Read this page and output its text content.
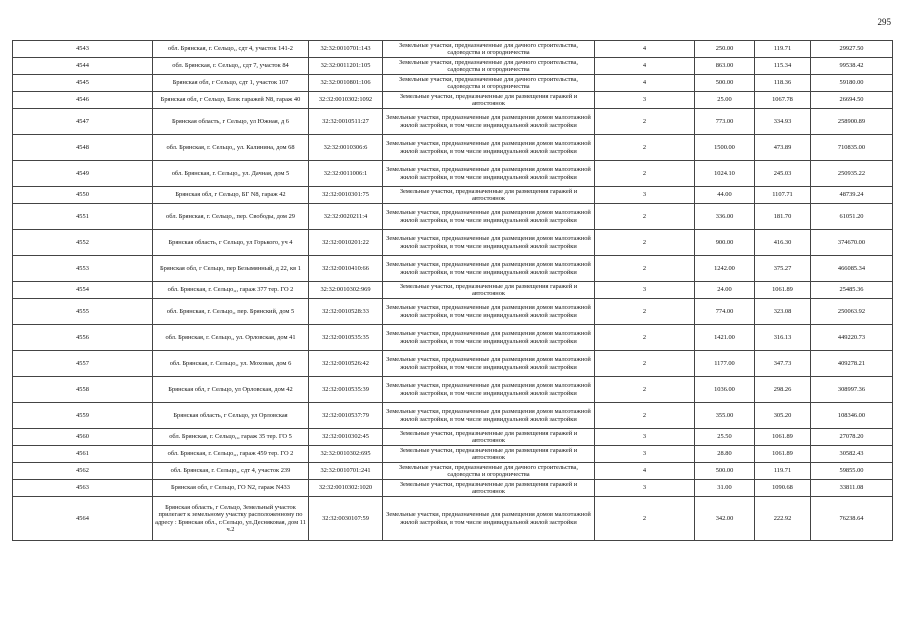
295
4543	обл. Брянская, г. Сельцо,, сдт 4, участок 141-2	32:32:0010701:143	Земельные участки, предназначенные для дачного строительства, садоводства и огородничества	4	250.00	119.71	29927.50
4544	обл. Брянская, г. Сельцо,, сдт 7, участок 84	32:32:0011201:105	Земельные участки, предназначенные для дачного строительства, садоводства и огородничества	4	863.00	115.34	99538.42
4545	Брянская обл, г Сельцо, сдт 1, участок 107	32:32:0010801:106	Земельные участки, предназначенные для дачного строительства, садоводства и огородничества	4	500.00	118.36	59180.00
4546	Брянская обл, г Сельцо, Блок гаражей N8, гараж 40	32:32:0010302:1092	Земельные участки, предназначенные для размещения гаражей и автостоянок	3	25.00	1067.78	26694.50
4547	Брянская область, г Сельцо, ул Южная, д 6	32:32:0010511:27	Земельные участки, предназначенные для размещения домов малоэтажной жилой застройки, в том числе индивидуальной жилой застройки	2	773.00	334.93	258900.89
4548	обл. Брянская, г. Сельцо,, ул. Калинина, дом 68	32:32:0010306:6	Земельные участки, предназначенные для размещения домов малоэтажной жилой застройки, в том числе индивидуальной жилой застройки	2	1500.00	473.89	710835.00
4549	обл. Брянская, г. Сельцо,, ул. Дачная, дом 5	32:32:0011006:1	Земельные участки, предназначенные для размещения домов малоэтажной жилой застройки, в том числе индивидуальной жилой застройки	2	1024.10	245.03	250935.22
4550	Брянская обл, г Сельцо, БГ N8, гараж 42	32:32:0010301:75	Земельные участки, предназначенные для размещения гаражей и автостоянок	3	44.00	1107.71	48739.24
4551	обл. Брянская, г. Сельцо,, пер. Свободы, дом 29	32:32:0020211:4	Земельные участки, предназначенные для размещения домов малоэтажной жилой застройки, в том числе индивидуальной жилой застройки	2	336.00	181.70	61051.20
4552	Брянская область, г Сельцо, ул Горького, уч 4	32:32:0010201:22	Земельные участки, предназначенные для размещения домов малоэтажной жилой застройки, в том числе индивидуальной жилой застройки	2	900.00	416.30	374670.00
4553	Брянская обл, г Сельцо, пер Безымянный, д 22, кв 1	32:32:0010410:66	Земельные участки, предназначенные для размещения домов малоэтажной жилой застройки, в том числе индивидуальной жилой застройки	2	1242.00	375.27	466085.34
4554	обл. Брянская, г. Сельцо,,, гараж 377 тер. ГО 2	32:32:0010302:969	Земельные участки, предназначенные для размещения гаражей и автостоянок	3	24.00	1061.89	25485.36
4555	обл. Брянская, г. Сельцо,, пер. Брянский, дом 5	32:32:0010528:33	Земельные участки, предназначенные для размещения домов малоэтажной жилой застройки, в том числе индивидуальной жилой застройки	2	774.00	323.08	250063.92
4556	обл. Брянская, г. Сельцо,, ул. Орловская, дом 41	32:32:0010535:35	Земельные участки, предназначенные для размещения домов малоэтажной жилой застройки, в том числе индивидуальной жилой застройки	2	1421.00	316.13	449220.73
4557	обл. Брянская, г. Сельцо,, ул. Моховая, дом 6	32:32:0010526:42	Земельные участки, предназначенные для размещения домов малоэтажной жилой застройки, в том числе индивидуальной жилой застройки	2	1177.00	347.73	409278.21
4558	Брянская обл, г Сельцо, ул Орловская, дом 42	32:32:0010535:39	Земельные участки, предназначенные для размещения домов малоэтажной жилой застройки, в том числе индивидуальной жилой застройки	2	1036.00	298.26	308997.36
4559	Брянская область, г Сельцо, ул Орловская	32:32:0010537:79	Земельные участки, предназначенные для размещения домов малоэтажной жилой застройки, в том числе индивидуальной жилой застройки	2	355.00	305.20	108346.00
4560	обл. Брянская, г. Сельцо,,, гараж 35 тер. ГО 5	32:32:0010302:45	Земельные участки, предназначенные для размещения гаражей и автостоянок	3	25.50	1061.89	27078.20
4561	обл. Брянская, г. Сельцо,,, гараж 459 тер. ГО 2	32:32:0010302:695	Земельные участки, предназначенные для размещения гаражей и автостоянок	3	28.80	1061.89	30582.43
4562	обл. Брянская, г. Сельцо,, сдт 4, участок 239	32:32:0010701:241	Земельные участки, предназначенные для дачного строительства, садоводства и огородничества	4	500.00	119.71	59855.00
4563	Брянская обл, г Сельцо, ГО N2, гараж N433	32:32:0010302:1020	Земельные участки, предназначенные для размещения гаражей и автостоянок	3	31.00	1090.68	33811.08
4564	Брянская область, г Сельцо, Земельный участок прилегает к земельному участку расположенному по адресу : Брянская обл., г.Сельцо, ул.Десняковая, дом 11 ч.2	32:32:0030107:59	Земельные участки, предназначенные для размещения домов малоэтажной жилой застройки, в том числе индивидуальной жилой застройки	2	342.00	222.92	76238.64
